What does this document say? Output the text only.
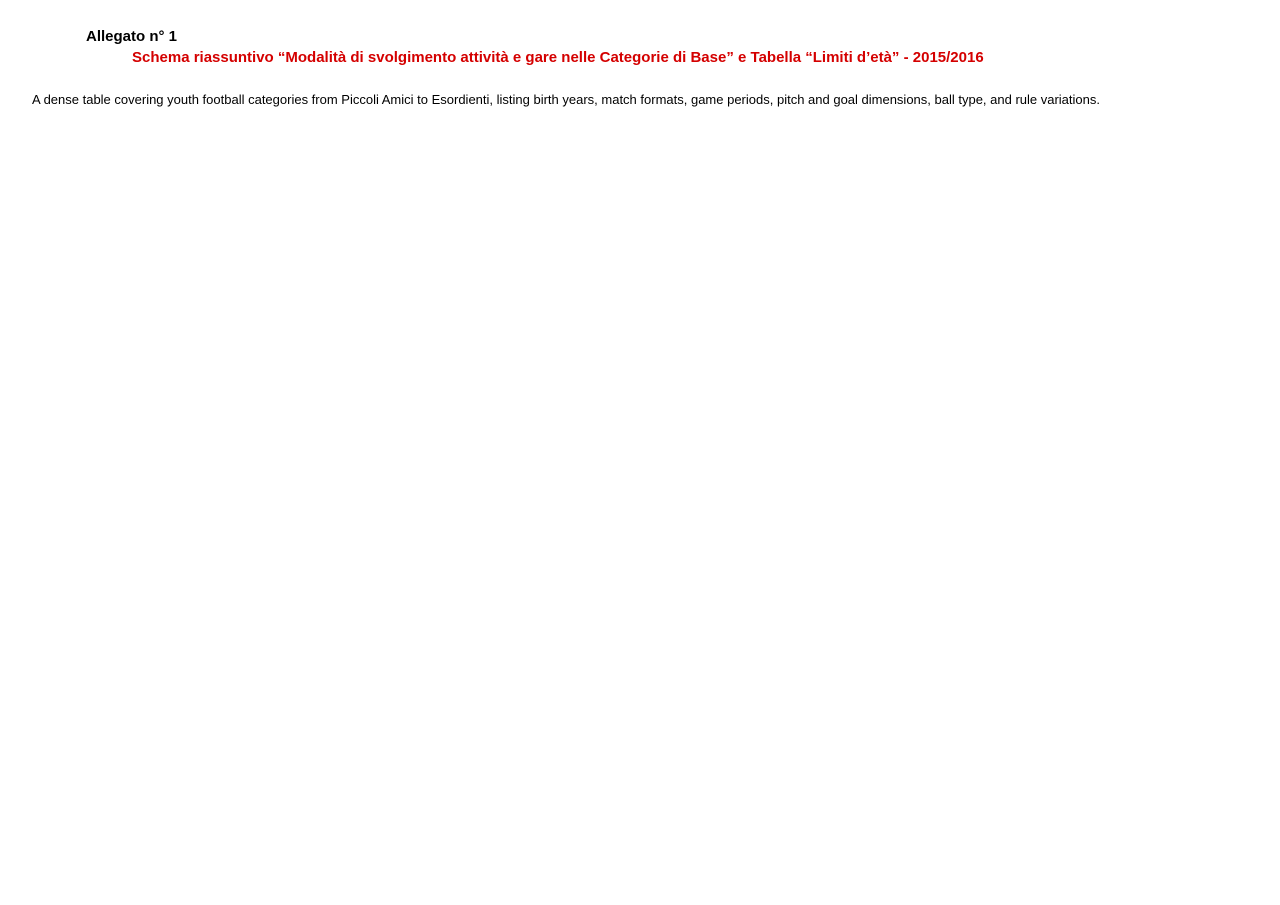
Allegato n° 1
Schema riassuntivo “Modalità di svolgimento attività e gare nelle Categorie di Base” e Tabella “Limiti d’età” - 2015/2016
A dense table covering youth football categories from Piccoli Amici to Esordienti, listing birth years, match formats, game periods, pitch and goal dimensions, ball type, and rule variations.
